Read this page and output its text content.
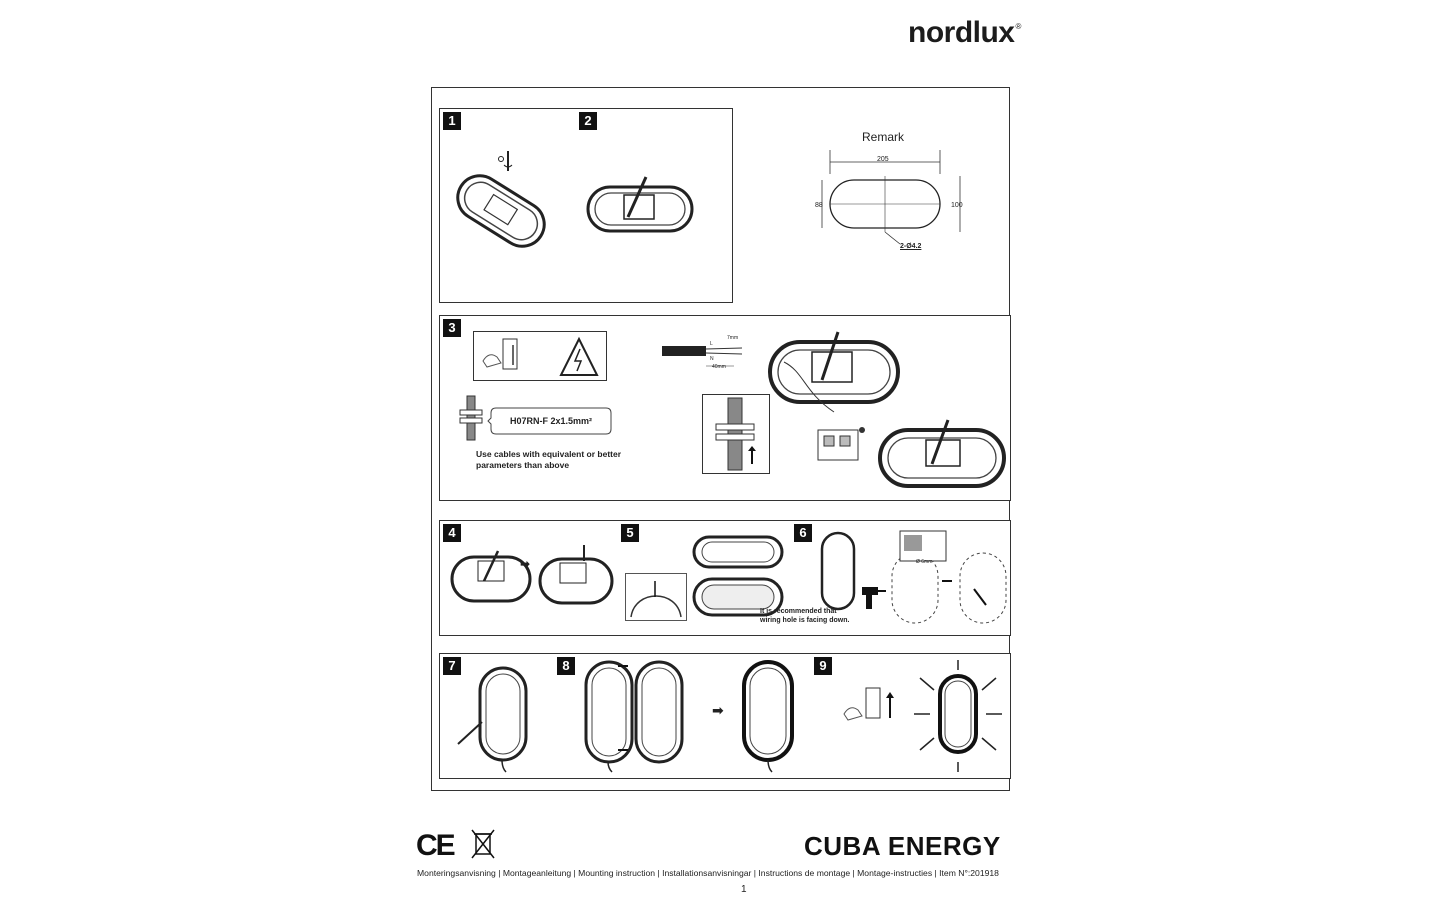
nordlux®
1	2
Remark
205
88	100
2-Ø4.2
3
H07RN-F 2x1.5mm²
Use cables with equivalent or better
parameters than above
7mm
40mm
L
N
4	5	6
➡
It is recommended that
wiring hole is facing down.
Ø 6mm
7	8	9
➡
CE	CUBA ENERGY
Monteringsanvisning | Montageanleitung | Mounting instruction | Installationsanvisningar | Instructions de montage | Montage-instructies | Item N°:201918
1
